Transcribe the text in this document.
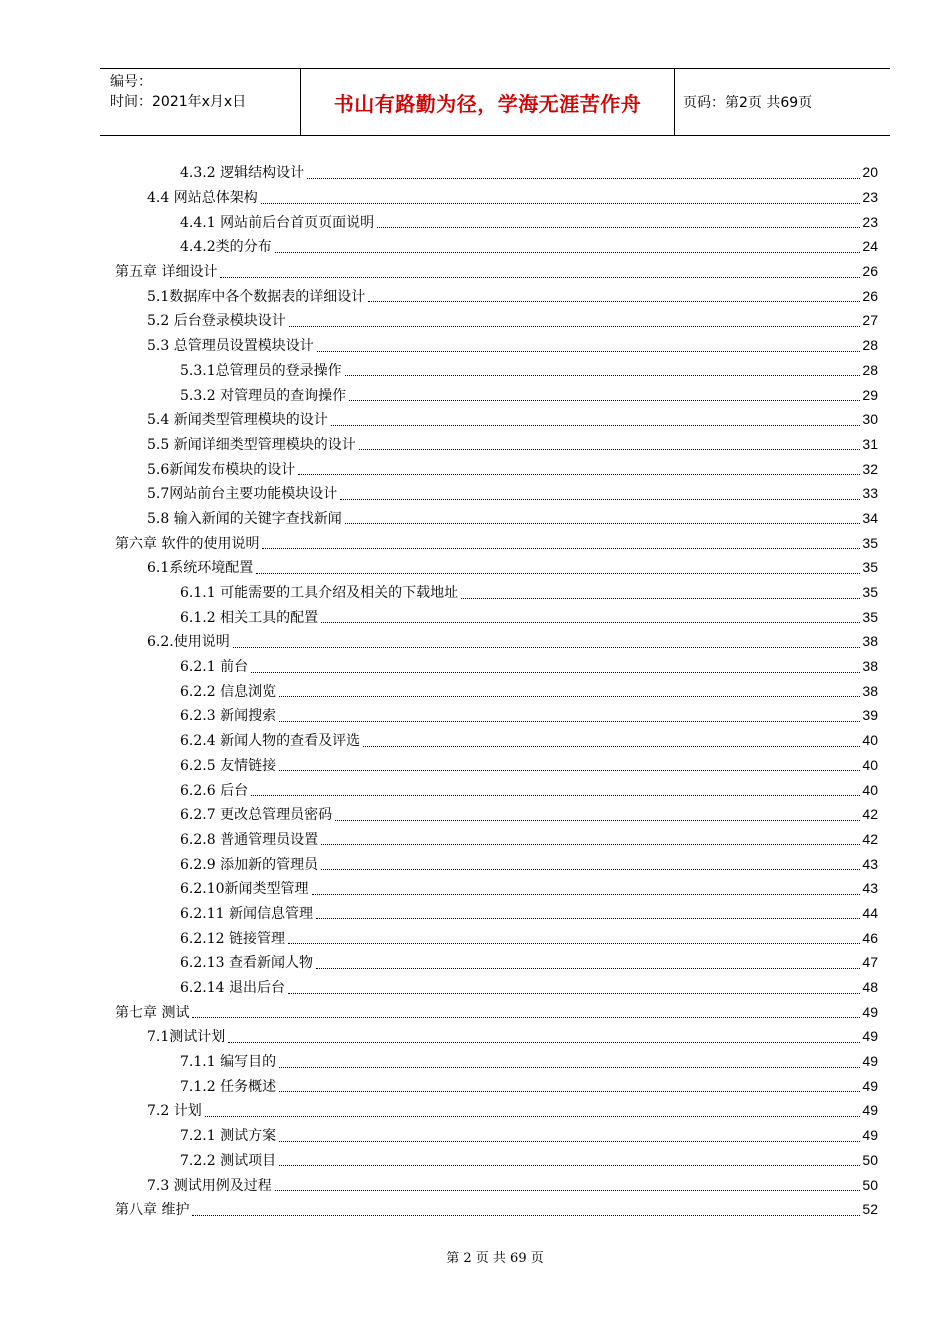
编号：
时间：2021年x月x日	书山有路勤为径，学海无涯苦作舟	页码：第2页 共69页
4.3.2 逻辑结构设计	20
4.4 网站总体架构	23
4.4.1 网站前后台首页页面说明	23
4.4.2类的分布	24
第五章 详细设计	26
5.1数据库中各个数据表的详细设计	26
5.2 后台登录模块设计	27
5.3 总管理员设置模块设计	28
5.3.1总管理员的登录操作	28
5.3.2 对管理员的查询操作	29
5.4 新闻类型管理模块的设计	30
5.5 新闻详细类型管理模块的设计	31
5.6新闻发布模块的设计	32
5.7网站前台主要功能模块设计	33
5.8 输入新闻的关键字查找新闻	34
第六章 软件的使用说明	35
6.1系统环境配置	35
6.1.1 可能需要的工具介绍及相关的下载地址	35
6.1.2 相关工具的配置	35
6.2.使用说明	38
6.2.1 前台	38
6.2.2 信息浏览	38
6.2.3 新闻搜索	39
6.2.4 新闻人物的查看及评选	40
6.2.5 友情链接	40
6.2.6 后台	40
6.2.7 更改总管理员密码	42
6.2.8 普通管理员设置	42
6.2.9 添加新的管理员	43
6.2.10新闻类型管理	43
6.2.11 新闻信息管理	44
6.2.12 链接管理	46
6.2.13 查看新闻人物	47
6.2.14 退出后台	48
第七章 测试	49
7.1测试计划	49
7.1.1 编写目的	49
7.1.2 任务概述	49
7.2 计划	49
7.2.1 测试方案	49
7.2.2 测试项目	50
7.3 测试用例及过程	50
第八章 维护	52
第 2 页 共 69 页
